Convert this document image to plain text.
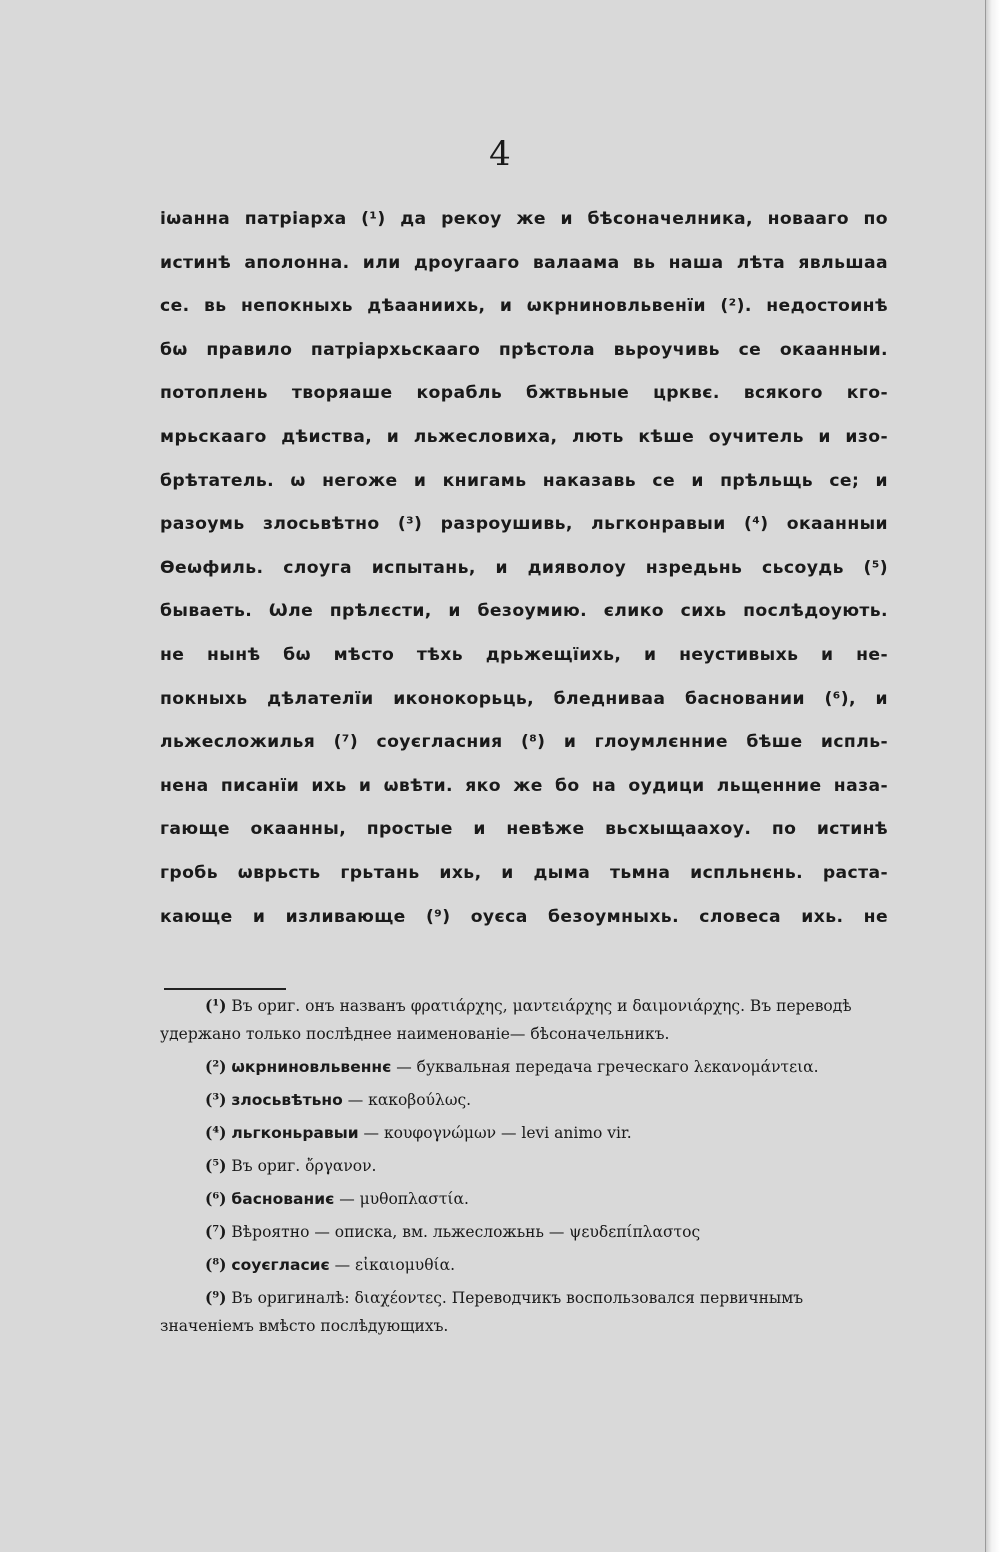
4
іωанна патріарха (¹) да рекоу же и бѣсоначелника, новааго по
истинѣ аполонна. или дроугааго валаама вь наша лѣта явльшаа
се. вь непокныхь дѣааниихь, и ωкрниновльвенїи (²). недостоинѣ
бω правило патріархьскааго прѣстола вьроучивь се окаанныи.
потоплень творяаше корабль бжтвьные црквє. всякого кго-
мрьскааго дѣиства, и льжесловиха, лють кѣше оучитель и изо-
брѣтатель. ω негоже и книгамь наказавь се и прѣльщь се; и
разоумь злосьвѣтно (³) разроушивь, льгконравыи (⁴) окаанныи
Ѳеωфиль. слоуга испытань, и дияволоу нзредьнь сьсоудь (⁵)
бываеть. Ѡле прѣлєсти, и безоумию. єлико сихь послѣдоують.
не нынѣ бω мѣсто тѣхь дрьжещїихь, и неустивыхь и не-
покныхь дѣлателїи иконокорьць, бледниваа басновании (⁶), и
льжесложилья (⁷) соуєгласния (⁸) и глоумлєнние бѣше испль-
нена писанїи ихь и ωвѣти. яко же бо на оудици льщенние наза-
гающе окаанны, простые и невѣже вьсхыщаахоу. по истинѣ
гробь ωврьсть грьтань ихь, и дыма тьмна испльнєнь. раста-
кающе и изливающе (⁹) оуєса безоумныхь. словеса ихь. не
(¹) Въ ориг. онъ названъ φρατιάρχης, μαντειάρχης и δαιμονιάρχης. Въ переводѣ удержано только послѣднее наименованіе— бѣсоначельникъ.
(²) ωкрниновльвеннє — буквальная передача греческаго λεκανομάντεια.
(³) злосьвѣтьно — κακοβούλως.
(⁴) льгконьравыи — κουφογνώμων — levi animo vir.
(⁵) Въ ориг. ὄργανον.
(⁶) баснованиє — μυθοπλαστία.
(⁷) Вѣроятно — описка, вм. льжесложьнь — ψευδεπίπλαστος
(⁸) соуєгласиє — εἰκαιομυθία.
(⁹) Въ оригиналѣ: διαχέοντες. Переводчикъ воспользовался первичнымъ значеніемъ вмѣсто послѣдующихъ.
